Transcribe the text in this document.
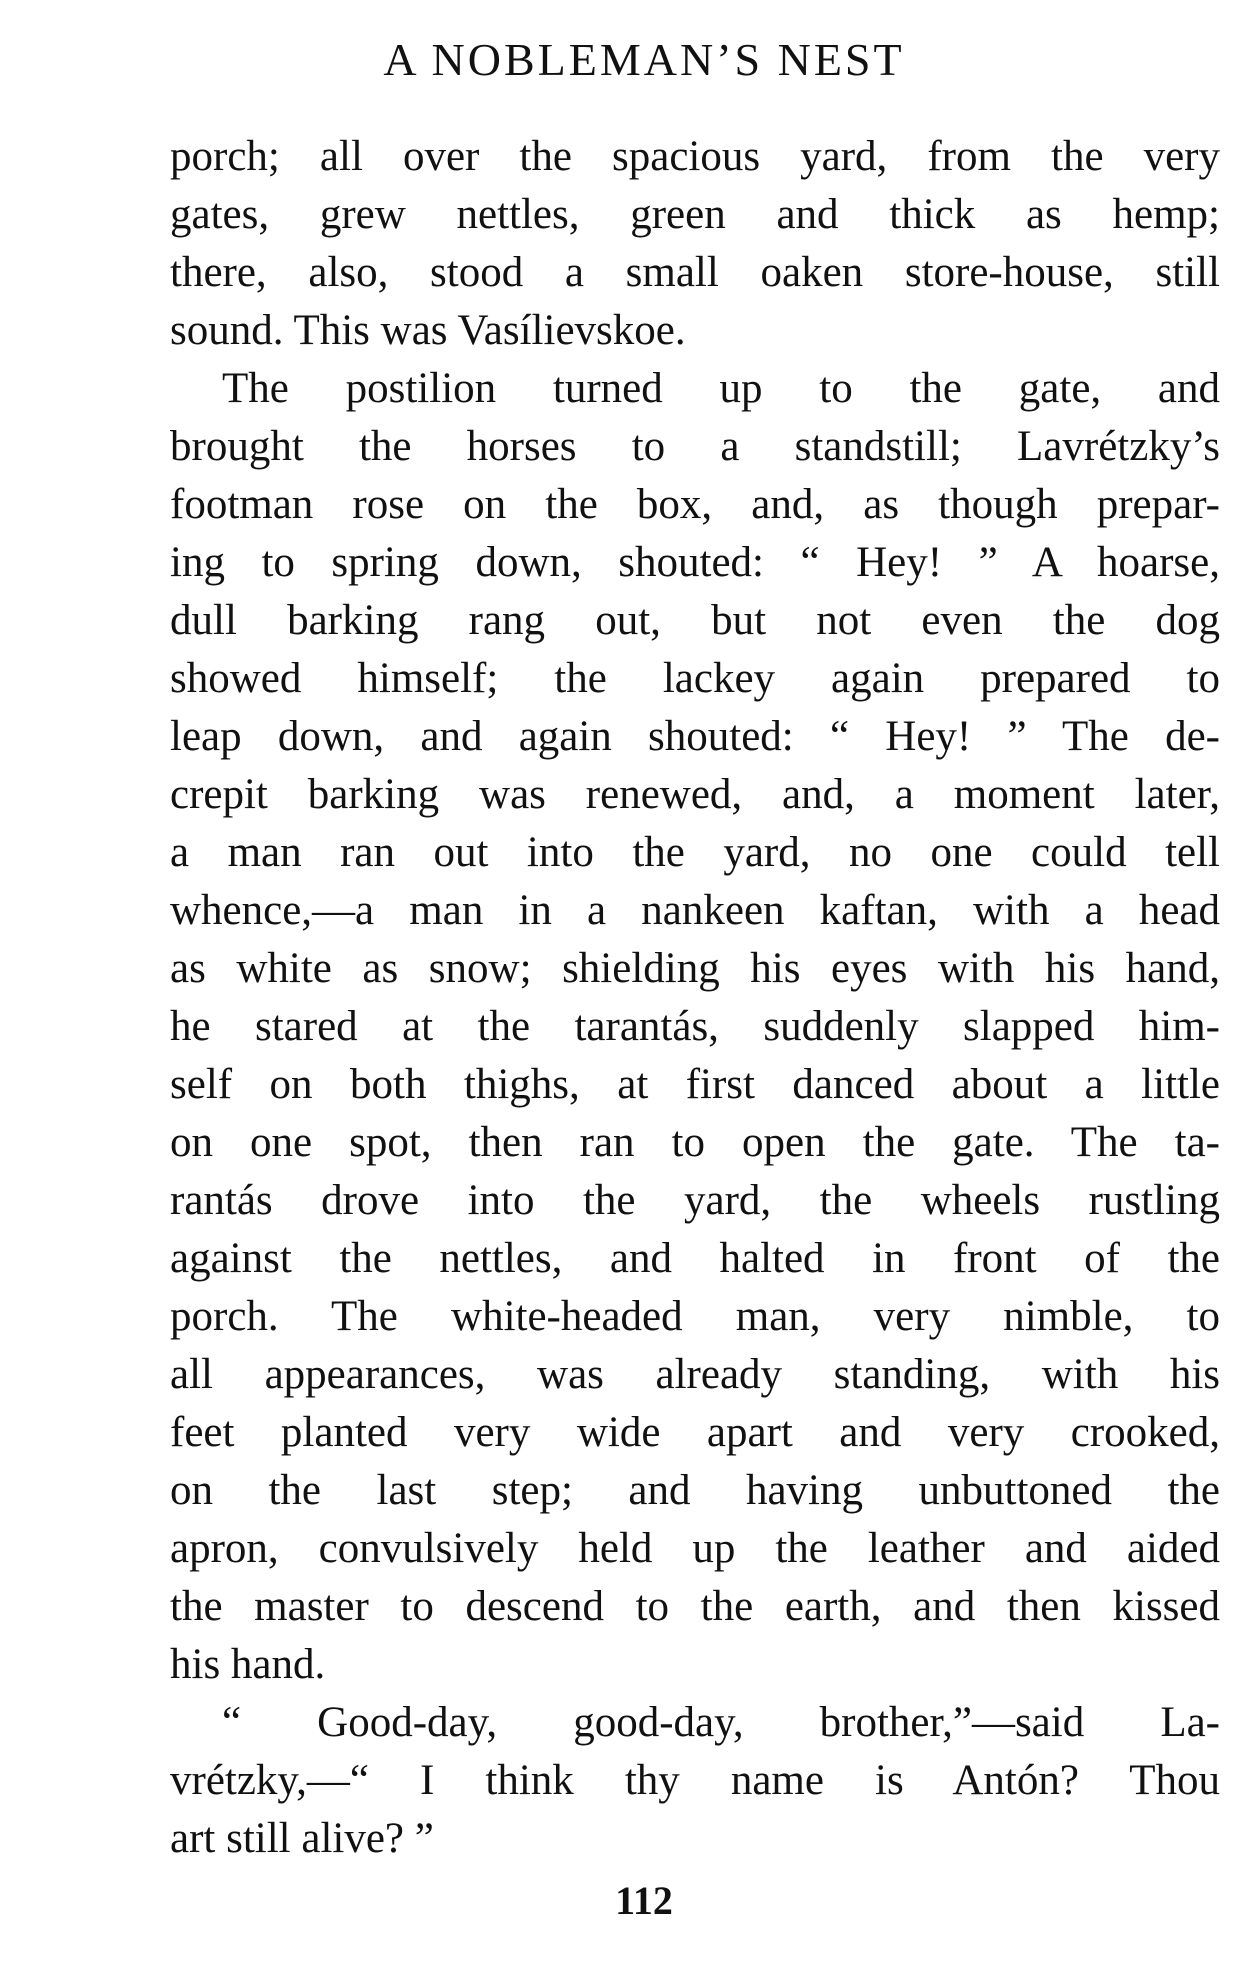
A NOBLEMAN’S NEST
porch; all over the spacious yard, from the very
gates, grew nettles, green and thick as hemp;
there, also, stood a small oaken store-house, still
sound. This was Vasílievskoe.
The postilion turned up to the gate, and
brought the horses to a standstill; Lavrétzky’s
footman rose on the box, and, as though prepar-
ing to spring down, shouted: “ Hey! ” A hoarse,
dull barking rang out, but not even the dog
showed himself; the lackey again prepared to
leap down, and again shouted: “ Hey! ” The de-
crepit barking was renewed, and, a moment later,
a man ran out into the yard, no one could tell
whence,—a man in a nankeen kaftan, with a head
as white as snow; shielding his eyes with his hand,
he stared at the tarantás, suddenly slapped him-
self on both thighs, at first danced about a little
on one spot, then ran to open the gate. The ta-
rantás drove into the yard, the wheels rustling
against the nettles, and halted in front of the
porch. The white-headed man, very nimble, to
all appearances, was already standing, with his
feet planted very wide apart and very crooked,
on the last step; and having unbuttoned the
apron, convulsively held up the leather and aided
the master to descend to the earth, and then kissed
his hand.
“ Good-day, good-day, brother,”—said La-
vrétzky,—“ I think thy name is Antón? Thou
art still alive? ”
112
